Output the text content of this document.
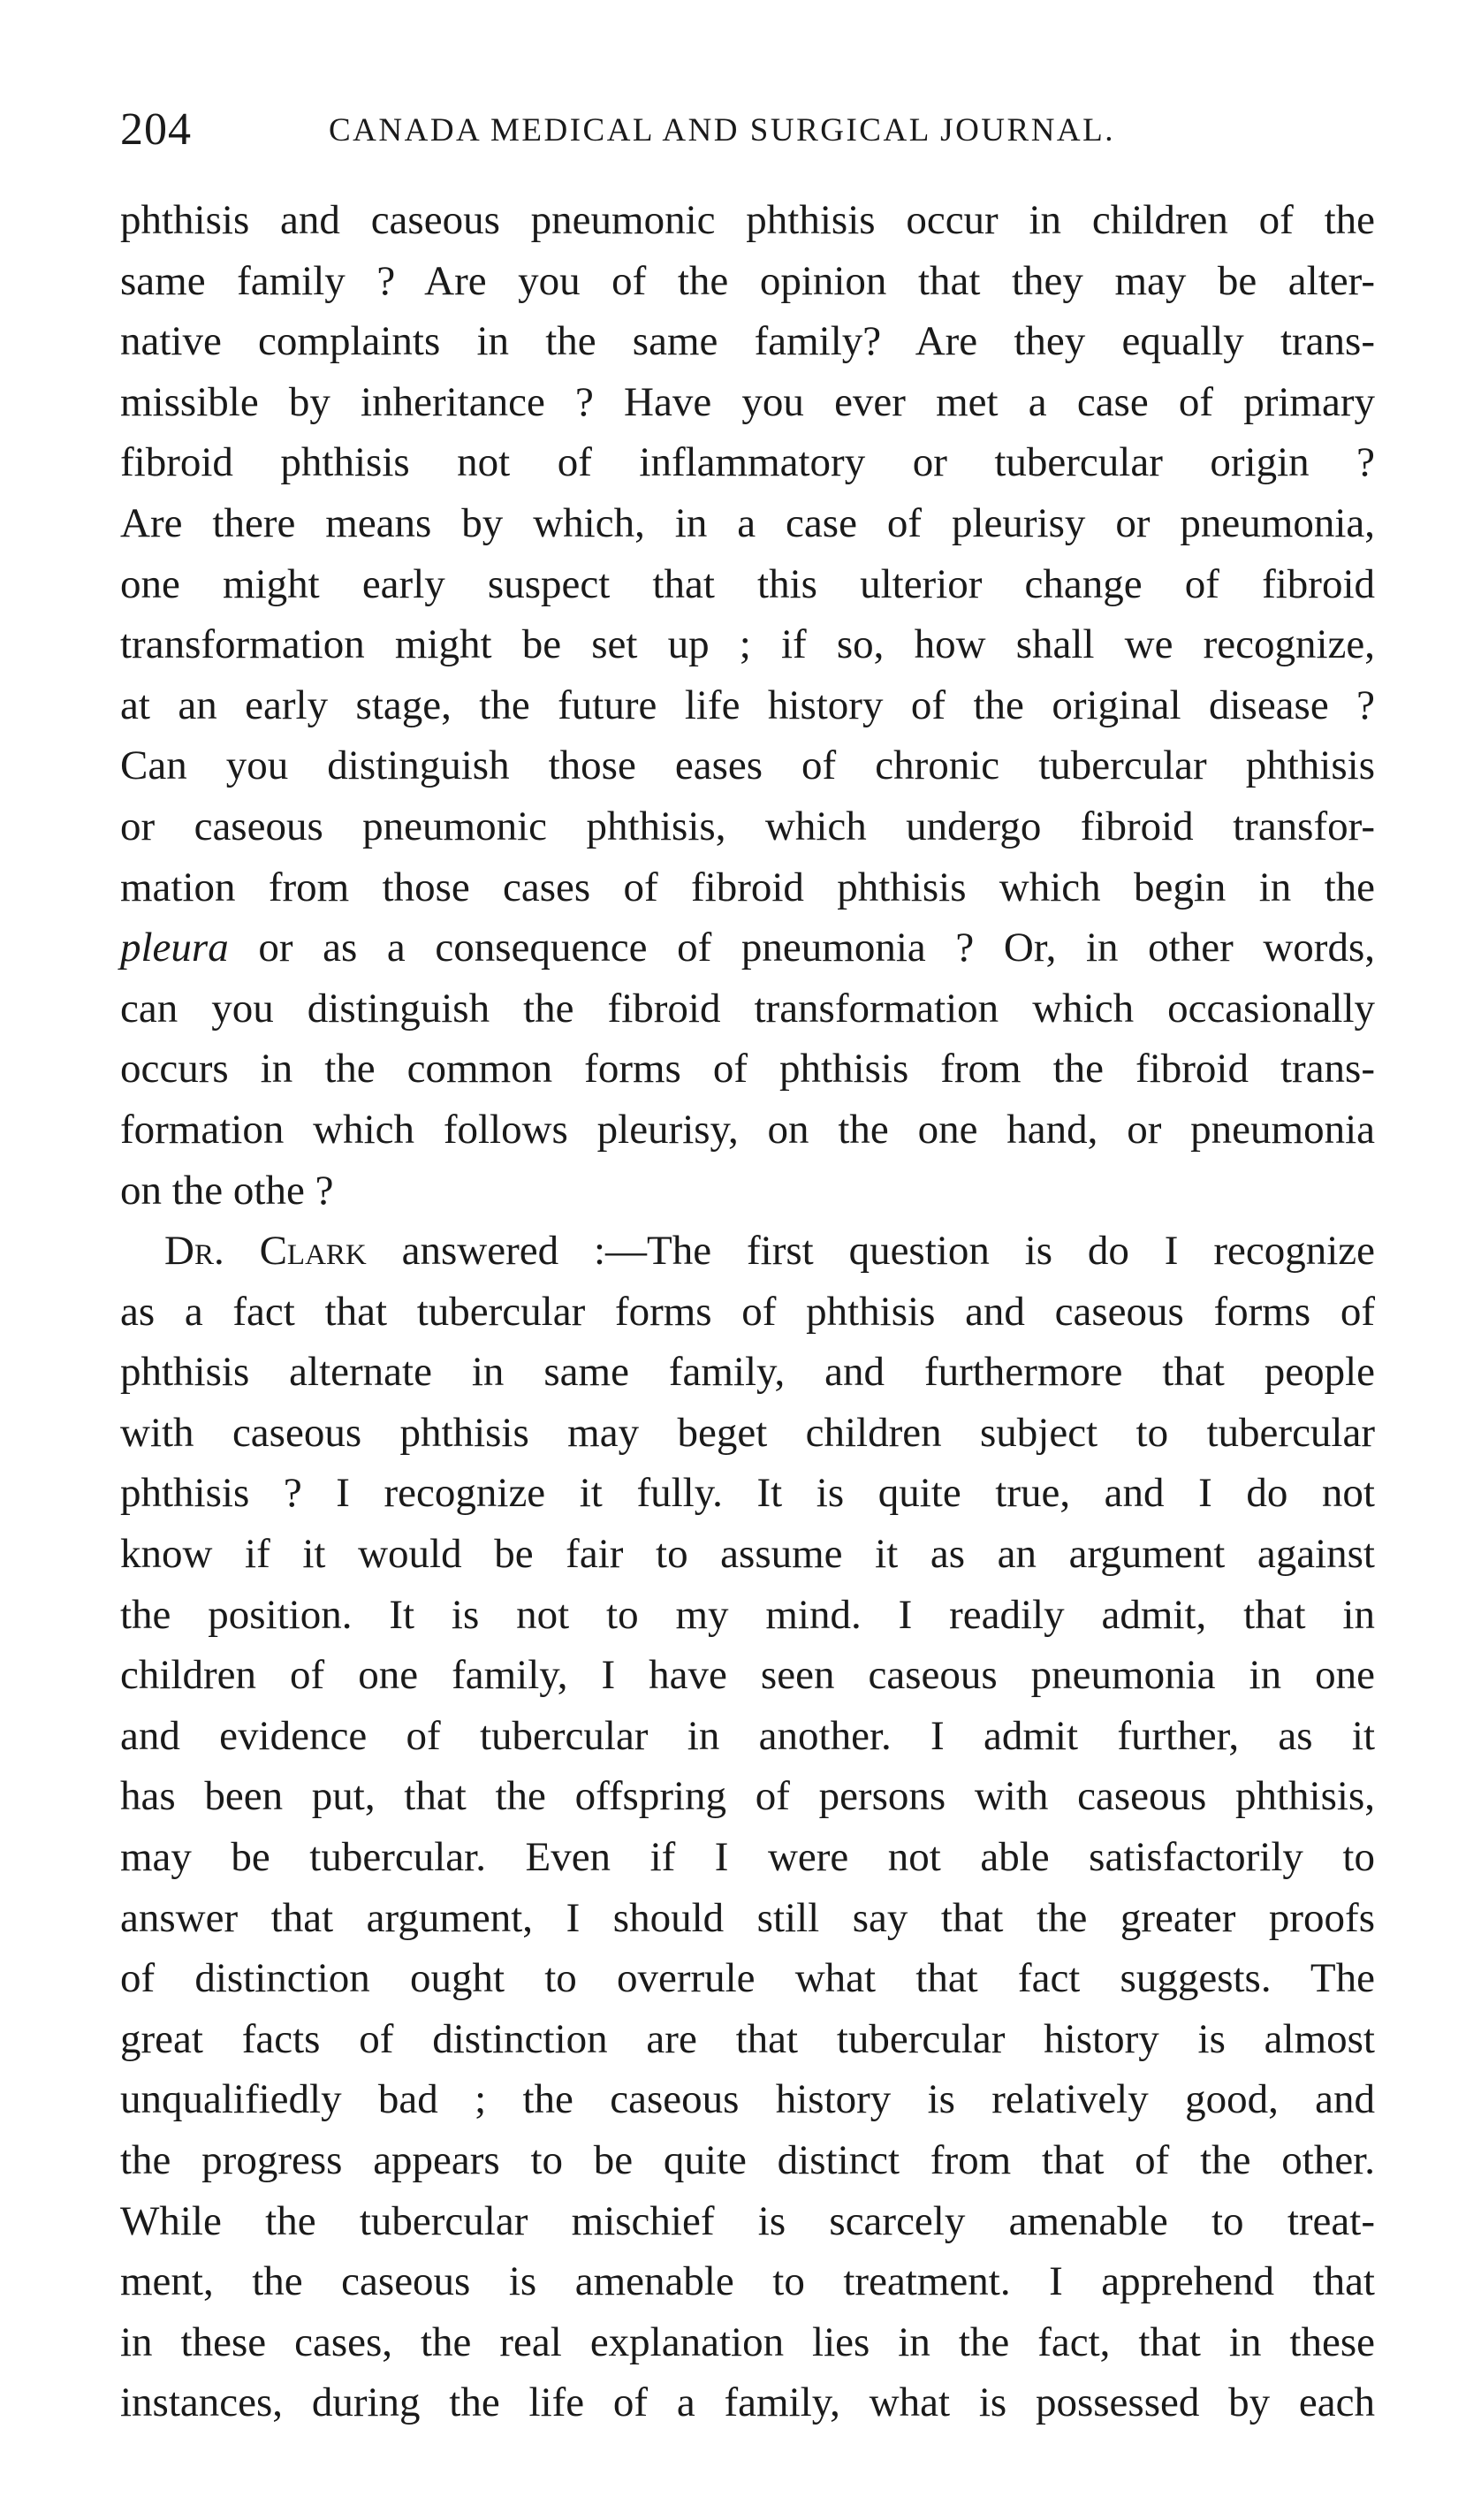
204	CANADA MEDICAL AND SURGICAL JOURNAL.
phthisis and caseous pneumonic phthisis occur in children of the
same family ? Are you of the opinion that they may be alter-
native complaints in the same family? Are they equally trans-
missible by inheritance ? Have you ever met a case of primary
fibroid phthisis not of inflammatory or tubercular origin ?
Are there means by which, in a case of pleurisy or pneumonia,
one might early suspect that this ulterior change of fibroid
transformation might be set up ; if so, how shall we recognize,
at an early stage, the future life history of the original disease ?
Can you distinguish those eases of chronic tubercular phthisis
or caseous pneumonic phthisis, which undergo fibroid transfor-
mation from those cases of fibroid phthisis which begin in the
pleura or as a consequence of pneumonia ? Or, in other words,
can you distinguish the fibroid transformation which occasionally
occurs in the common forms of phthisis from the fibroid trans-
formation which follows pleurisy, on the one hand, or pneumonia
on the othe ?
Dr. Clark answered :—The first question is do I recognize
as a fact that tubercular forms of phthisis and caseous forms of
phthisis alternate in same family, and furthermore that people
with caseous phthisis may beget children subject to tubercular
phthisis ? I recognize it fully. It is quite true, and I do not
know if it would be fair to assume it as an argument against
the position. It is not to my mind. I readily admit, that in
children of one family, I have seen caseous pneumonia in one
and evidence of tubercular in another. I admit further, as it
has been put, that the offspring of persons with caseous phthisis,
may be tubercular. Even if I were not able satisfactorily to
answer that argument, I should still say that the greater proofs
of distinction ought to overrule what that fact suggests. The
great facts of distinction are that tubercular history is almost
unqualifiedly bad ; the caseous history is relatively good, and
the progress appears to be quite distinct from that of the other.
While the tubercular mischief is scarcely amenable to treat-
ment, the caseous is amenable to treatment. I apprehend that
in these cases, the real explanation lies in the fact, that in these
instances, during the life of a family, what is possessed by each
